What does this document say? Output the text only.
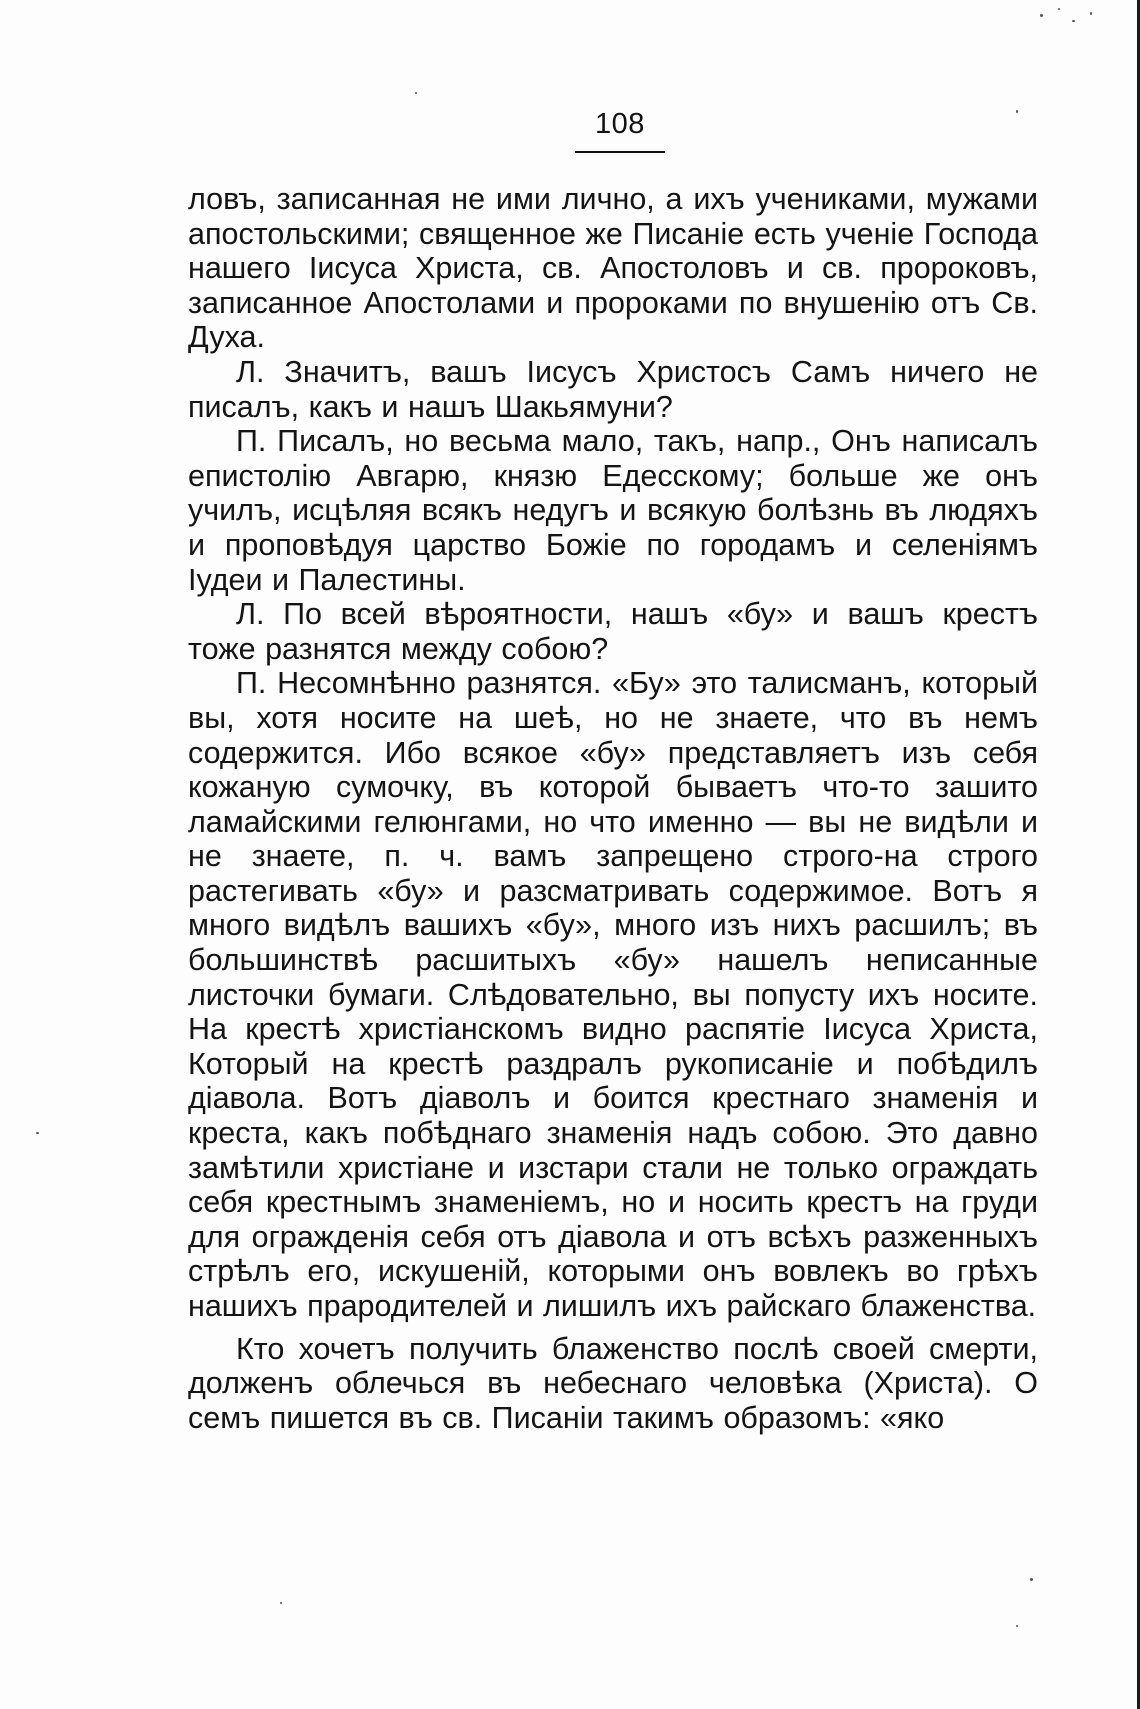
108

ловъ, записанная не ими лично, а ихъ учениками, мужами апостольскими; священное же Писаніе есть ученіе Господа нашего Іисуса Христа, св. Апостоловъ и св. пророковъ, записанное Апостолами и пророками по внушенію отъ Св. Духа.

Л. Значитъ, вашъ Іисусъ Христосъ Самъ ничего не писалъ, какъ и нашъ Шакьямуни?

П. Писалъ, но весьма мало, такъ, напр., Онъ написалъ епистолію Авгарю, князю Едесскому; больше же онъ училъ, исцѣляя всякъ недугъ и всякую болѣзнь въ людяхъ и проповѣдуя царство Божіе по городамъ и селеніямъ Іудеи и Палестины.

Л. По всей вѣроятности, нашъ «бу» и вашъ крестъ тоже разнятся между собою?

П. Несомнѣнно разнятся. «Бу» это талисманъ, который вы, хотя носите на шеѣ, но не знаете, что въ немъ содержится. Ибо всякое «бу» представляетъ изъ себя кожаную сумочку, въ которой бываетъ что-то зашито ламайскими гелюнгами, но что именно — вы не видѣли и не знаете, п. ч. вамъ запрещено строго-на строго растегивать «бу» и разсматривать содержимое. Вотъ я много видѣлъ вашихъ «бу», много изъ нихъ расшилъ; въ большинствѣ расшитыхъ «бу» нашелъ неписанные листочки бумаги. Слѣдовательно, вы попусту ихъ носите. На крестѣ христіанскомъ видно распятіе Іисуса Христа, Который на крестѣ раздралъ рукописаніе и побѣдилъ діавола. Вотъ діаволъ и боится крестнаго знаменія и креста, какъ побѣднаго знаменія надъ собою. Это давно замѣтили христіане и изстари стали не только ограждать себя крестнымъ знаменіемъ, но и носить крестъ на груди для огражденія себя отъ діавола и отъ всѣхъ разженныхъ стрѣлъ его, искушеній, которыми онъ вовлекъ во грѣхъ нашихъ прародителей и лишилъ ихъ райскаго блаженства.

Кто хочетъ получить блаженство послѣ своей смерти, долженъ облечься въ небеснаго человѣка (Христа). О семъ пишется въ св. Писаніи такимъ образомъ: «яко
